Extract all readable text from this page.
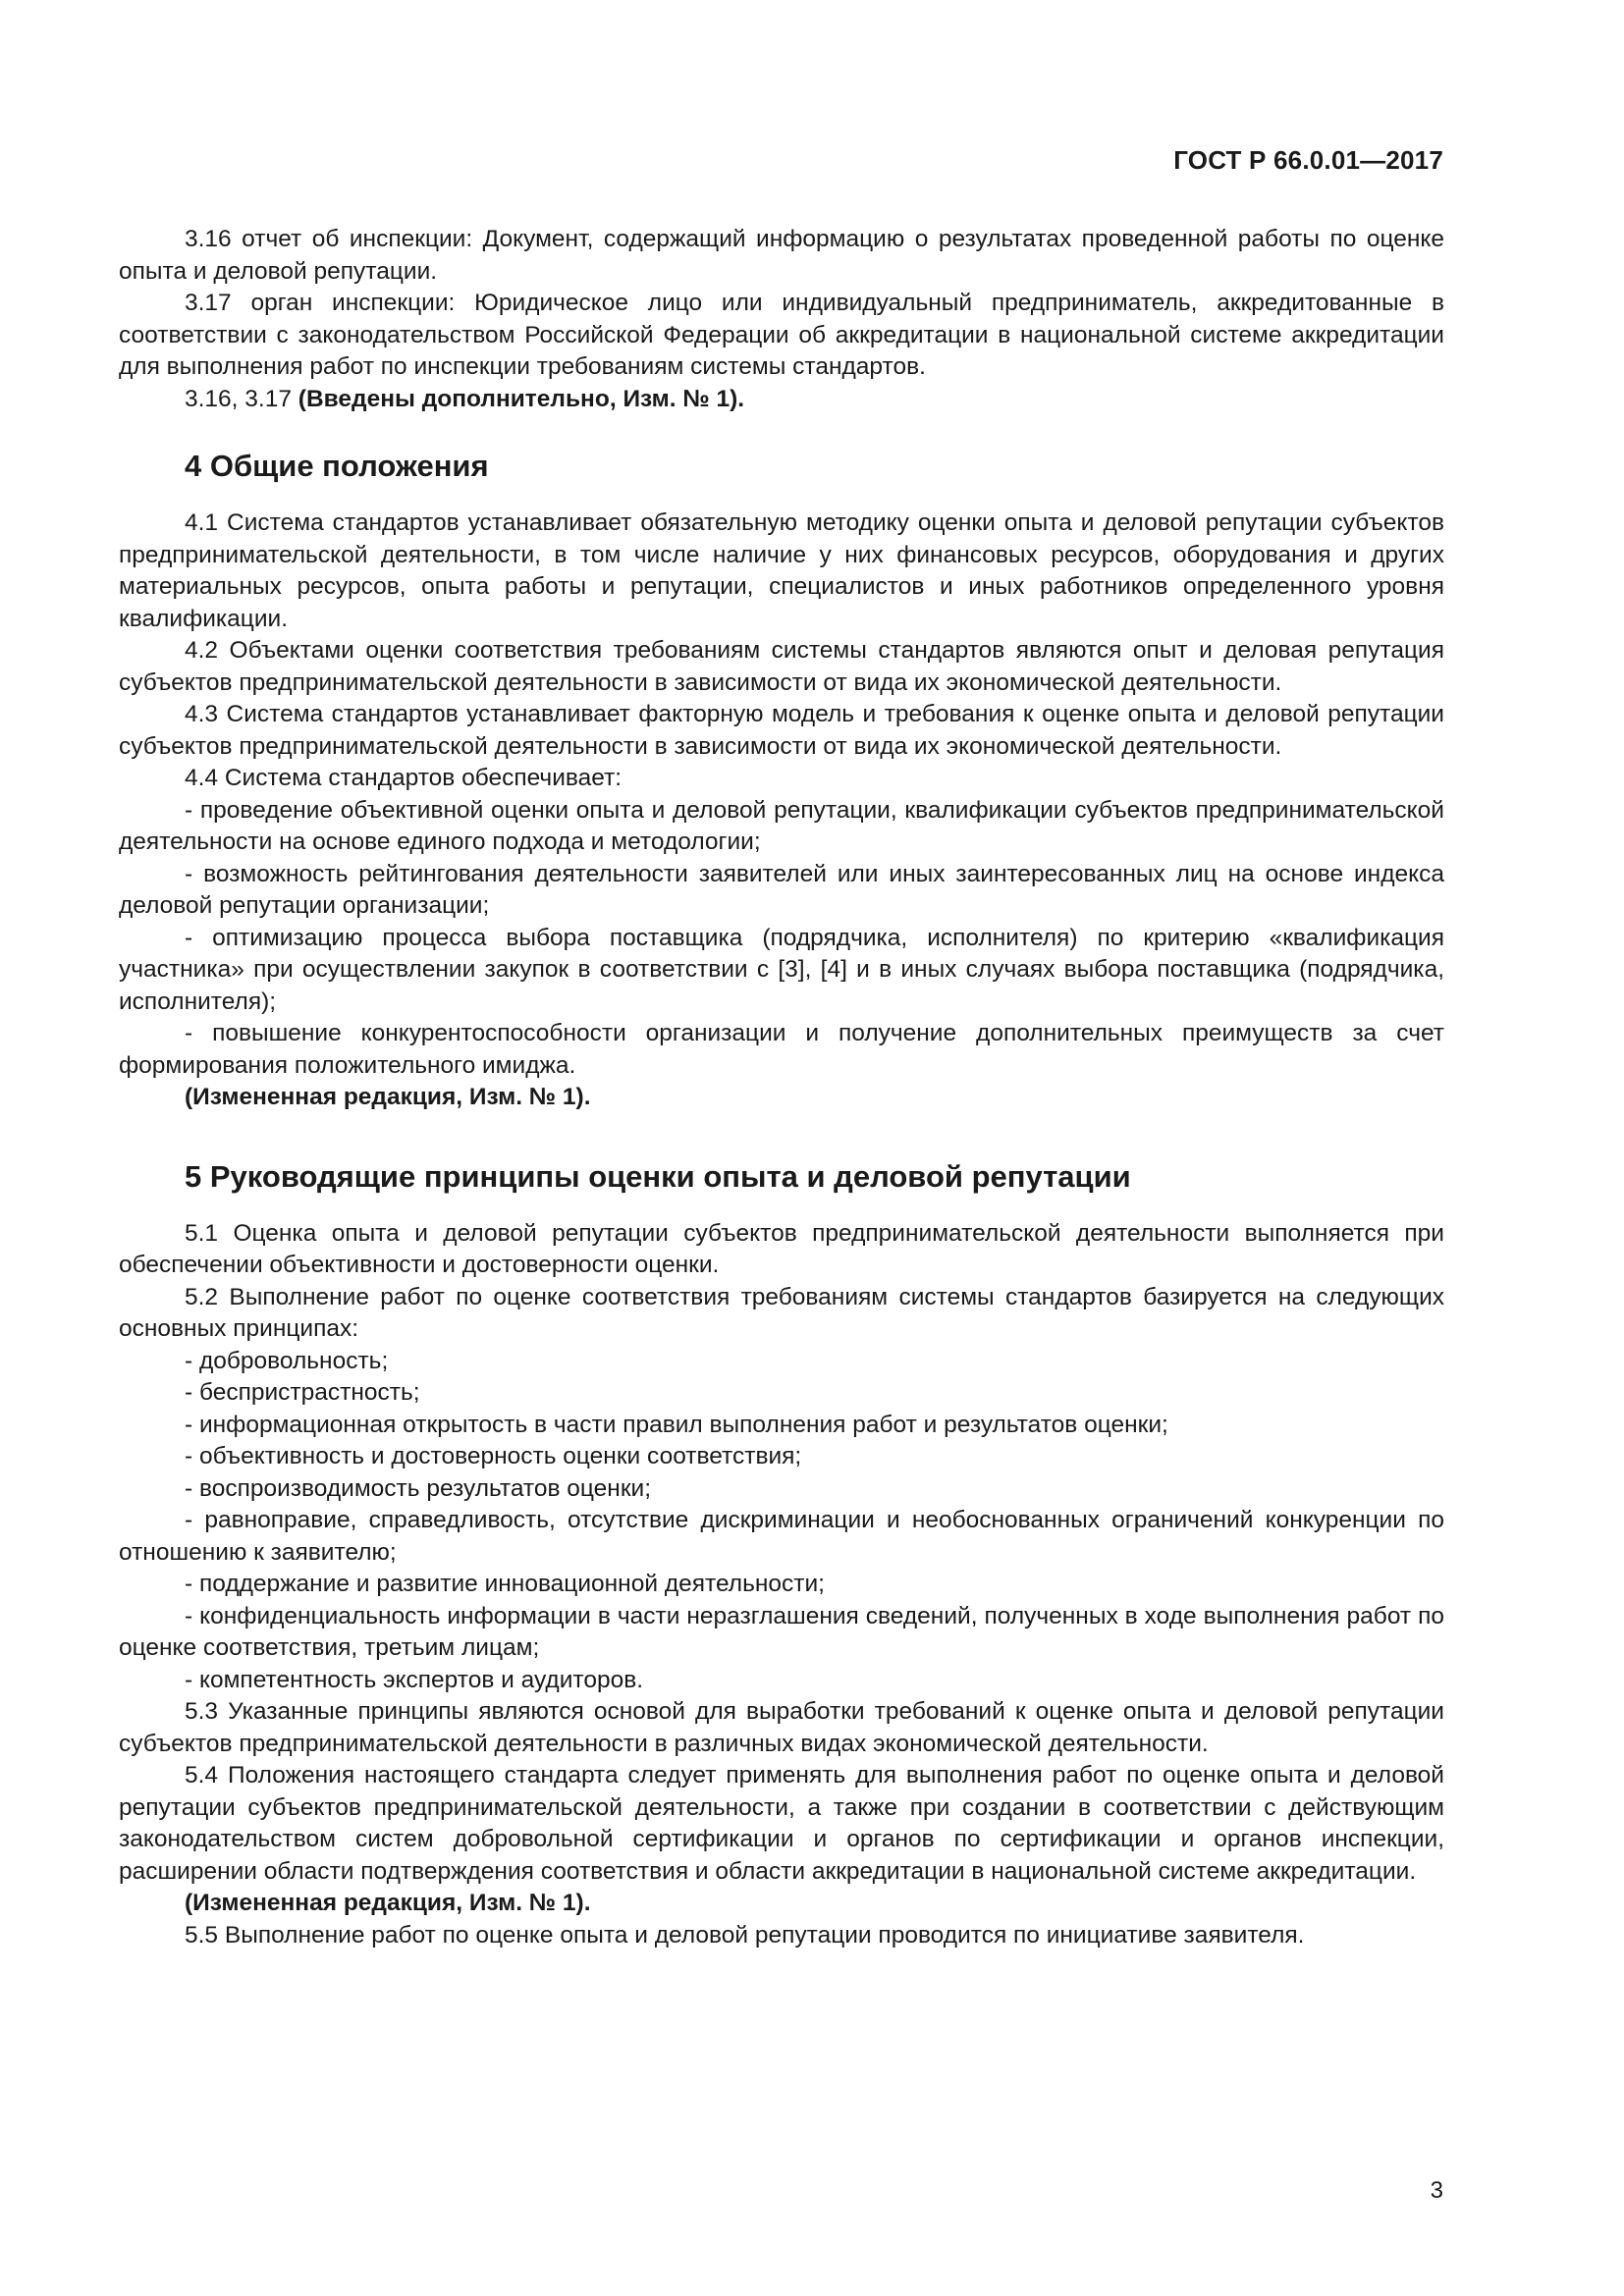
ГОСТ Р 66.0.01—2017

3.16 отчет об инспекции: Документ, содержащий информацию о результатах проведенной работы по оценке опыта и деловой репутации.

3.17 орган инспекции: Юридическое лицо или индивидуальный предприниматель, аккредитованные в соответствии с законодательством Российской Федерации об аккредитации в национальной системе аккредитации для выполнения работ по инспекции требованиям системы стандартов.

3.16, 3.17 (Введены дополнительно, Изм. № 1).

4 Общие положения

4.1 Система стандартов устанавливает обязательную методику оценки опыта и деловой репутации субъектов предпринимательской деятельности, в том числе наличие у них финансовых ресурсов, оборудования и других материальных ресурсов, опыта работы и репутации, специалистов и иных работников определенного уровня квалификации.

4.2 Объектами оценки соответствия требованиям системы стандартов являются опыт и деловая репутация субъектов предпринимательской деятельности в зависимости от вида их экономической деятельности.

4.3 Система стандартов устанавливает факторную модель и требования к оценке опыта и деловой репутации субъектов предпринимательской деятельности в зависимости от вида их экономической деятельности.

4.4 Система стандартов обеспечивает:

- проведение объективной оценки опыта и деловой репутации, квалификации субъектов предпринимательской деятельности на основе единого подхода и методологии;

- возможность рейтингования деятельности заявителей или иных заинтересованных лиц на основе индекса деловой репутации организации;

- оптимизацию процесса выбора поставщика (подрядчика, исполнителя) по критерию «квалификация участника» при осуществлении закупок в соответствии с [3], [4] и в иных случаях выбора поставщика (подрядчика, исполнителя);

- повышение конкурентоспособности организации и получение дополнительных преимуществ за счет формирования положительного имиджа.

(Измененная редакция, Изм. № 1).

5 Руководящие принципы оценки опыта и деловой репутации

5.1 Оценка опыта и деловой репутации субъектов предпринимательской деятельности выполняется при обеспечении объективности и достоверности оценки.

5.2 Выполнение работ по оценке соответствия требованиям системы стандартов базируется на следующих основных принципах:

- добровольность;

- беспристрастность;

- информационная открытость в части правил выполнения работ и результатов оценки;

- объективность и достоверность оценки соответствия;

- воспроизводимость результатов оценки;

- равноправие, справедливость, отсутствие дискриминации и необоснованных ограничений конкуренции по отношению к заявителю;

- поддержание и развитие инновационной деятельности;

- конфиденциальность информации в части неразглашения сведений, полученных в ходе выполнения работ по оценке соответствия, третьим лицам;

- компетентность экспертов и аудиторов.

5.3 Указанные принципы являются основой для выработки требований к оценке опыта и деловой репутации субъектов предпринимательской деятельности в различных видах экономической деятельности.

5.4 Положения настоящего стандарта следует применять для выполнения работ по оценке опыта и деловой репутации субъектов предпринимательской деятельности, а также при создании в соответствии с действующим законодательством систем добровольной сертификации и органов по сертификации и органов инспекции, расширении области подтверждения соответствия и области аккредитации в национальной системе аккредитации.

(Измененная редакция, Изм. № 1).

5.5 Выполнение работ по оценке опыта и деловой репутации проводится по инициативе заявителя.

3
